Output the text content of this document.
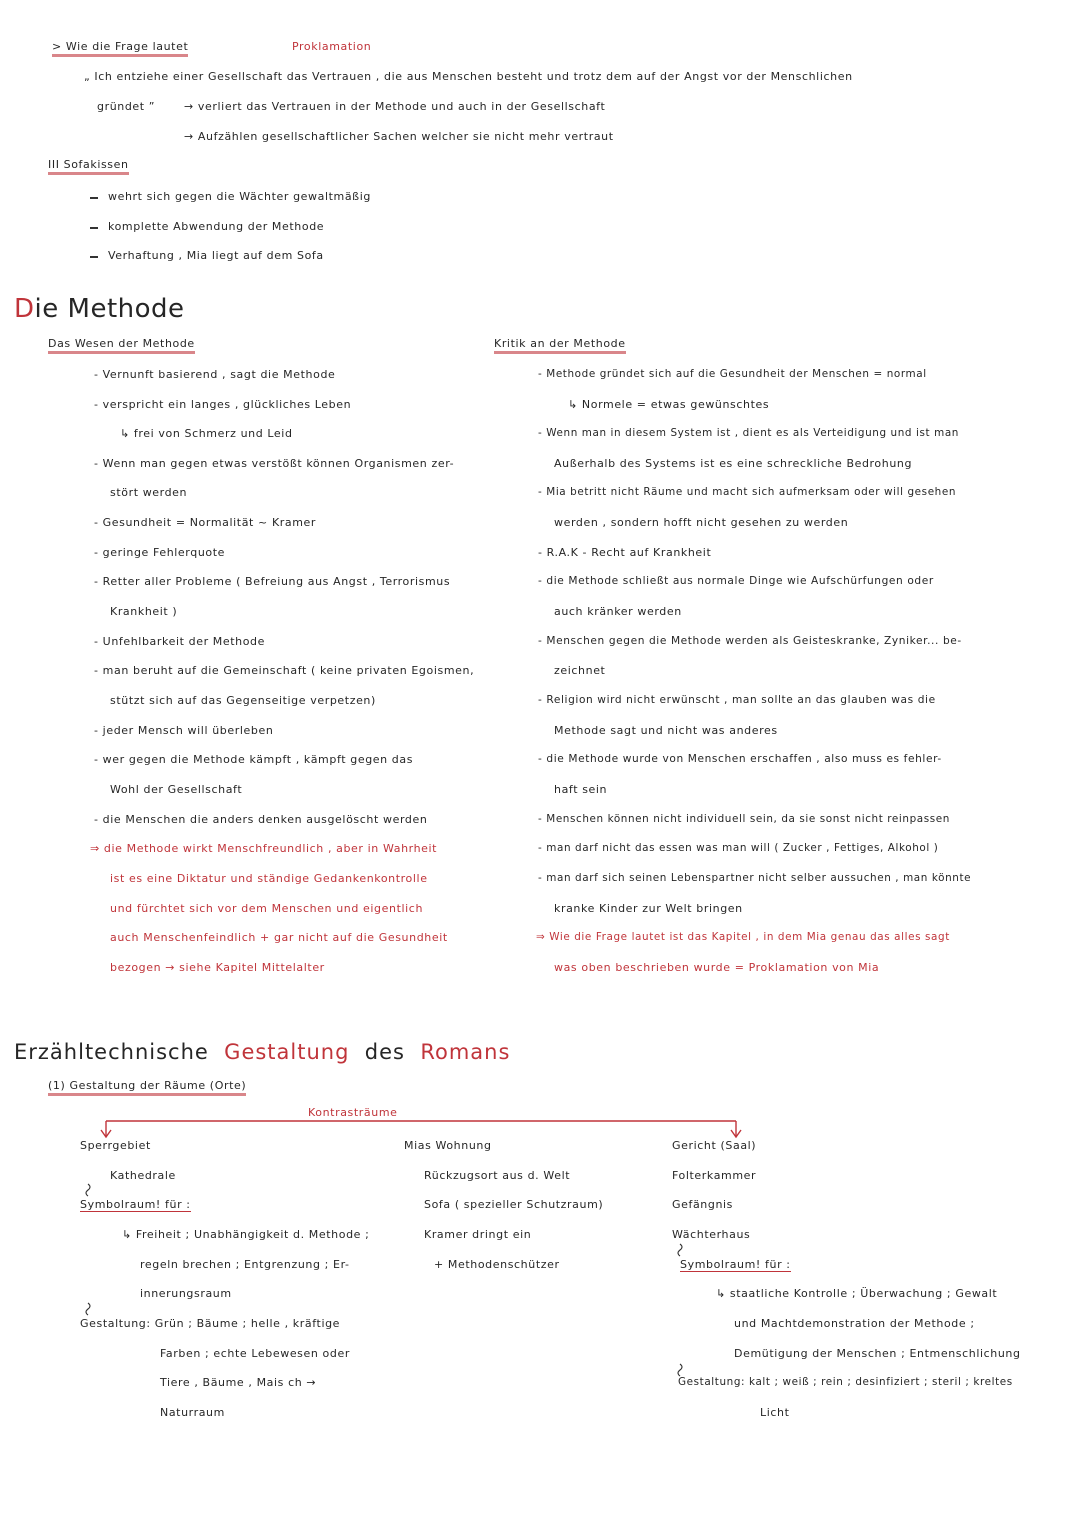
> Wie die Frage lautet	Proklamation
„ Ich entziehe einer Gesellschaft das Vertrauen , die aus Menschen besteht und trotz dem auf der Angst vor der Menschlichen
gründet ”	→ verliert das Vertrauen in der Methode und auch in der Gesellschaft
→ Aufzählen gesellschaftlicher Sachen welcher sie nicht mehr vertraut
III Sofakissen
wehrt sich gegen die Wächter gewaltmäßig
komplette Abwendung der Methode
Verhaftung , Mia liegt auf dem Sofa
Die Methode
Das Wesen der Methode	Kritik an der Methode
- Vernunft basierend , sagt die Methode
- verspricht ein langes , glückliches Leben
↳ frei von Schmerz und Leid
- Wenn man gegen etwas verstößt können Organismen zer-
stört werden
- Gesundheit = Normalität ~ Kramer
- geringe Fehlerquote
- Retter aller Probleme ( Befreiung aus Angst , Terrorismus
Krankheit )
- Unfehlbarkeit der Methode
- man beruht auf die Gemeinschaft ( keine privaten Egoismen,
stützt sich auf das Gegenseitige verpetzen)
- jeder Mensch will überleben
- wer gegen die Methode kämpft , kämpft gegen das
Wohl der Gesellschaft
- die Menschen die anders denken ausgelöscht werden
⇒ die Methode wirkt Menschfreundlich , aber in Wahrheit
ist es eine Diktatur und ständige Gedankenkontrolle
und fürchtet sich vor dem Menschen und eigentlich
auch Menschenfeindlich + gar nicht auf die Gesundheit
bezogen → siehe Kapitel Mittelalter
- Methode gründet sich auf die Gesundheit der Menschen = normal
↳ Normele = etwas gewünschtes
- Wenn man in diesem System ist , dient es als Verteidigung und ist man
Außerhalb des Systems ist es eine schreckliche Bedrohung
- Mia betritt nicht Räume und macht sich aufmerksam oder will gesehen
werden , sondern hofft nicht gesehen zu werden
- R.A.K - Recht auf Krankheit
- die Methode schließt aus normale Dinge wie Aufschürfungen oder
auch kränker werden
- Menschen gegen die Methode werden als Geisteskranke, Zyniker... be-
zeichnet
- Religion wird nicht erwünscht , man sollte an das glauben was die
Methode sagt und nicht was anderes
- die Methode wurde von Menschen erschaffen , also muss es fehler-
haft sein
- Menschen können nicht individuell sein, da sie sonst nicht reinpassen
- man darf nicht das essen was man will ( Zucker , Fettiges, Alkohol )
- man darf sich seinen Lebenspartner nicht selber aussuchen , man könnte
kranke Kinder zur Welt bringen
⇒ Wie die Frage lautet ist das Kapitel , in dem Mia genau das alles sagt
was oben beschrieben wurde = Proklamation von Mia
Erzähltechnische Gestaltung des Romans
(1) Gestaltung der Räume (Orte)
Kontrasträume
Sperrgebiet
Kathedrale
Symbolraum! für :
↳ Freiheit ; Unabhängigkeit d. Methode ;
regeln brechen ; Entgrenzung ; Er-
innerungsraum
Gestaltung: Grün ; Bäume ; helle , kräftige
Farben ; echte Lebewesen oder
Tiere , Bäume , Mais ch →
Naturraum
Mias Wohnung
Rückzugsort aus d. Welt
Sofa ( spezieller Schutzraum)
Kramer dringt ein
+ Methodenschützer
Gericht (Saal)
Folterkammer
Gefängnis
Wächterhaus
Symbolraum! für :
↳ staatliche Kontrolle ; Überwachung ; Gewalt
und Machtdemonstration der Methode ;
Demütigung der Menschen ; Entmenschlichung
Gestaltung: kalt ; weiß ; rein ; desinfiziert ; steril ; kreltes
Licht
